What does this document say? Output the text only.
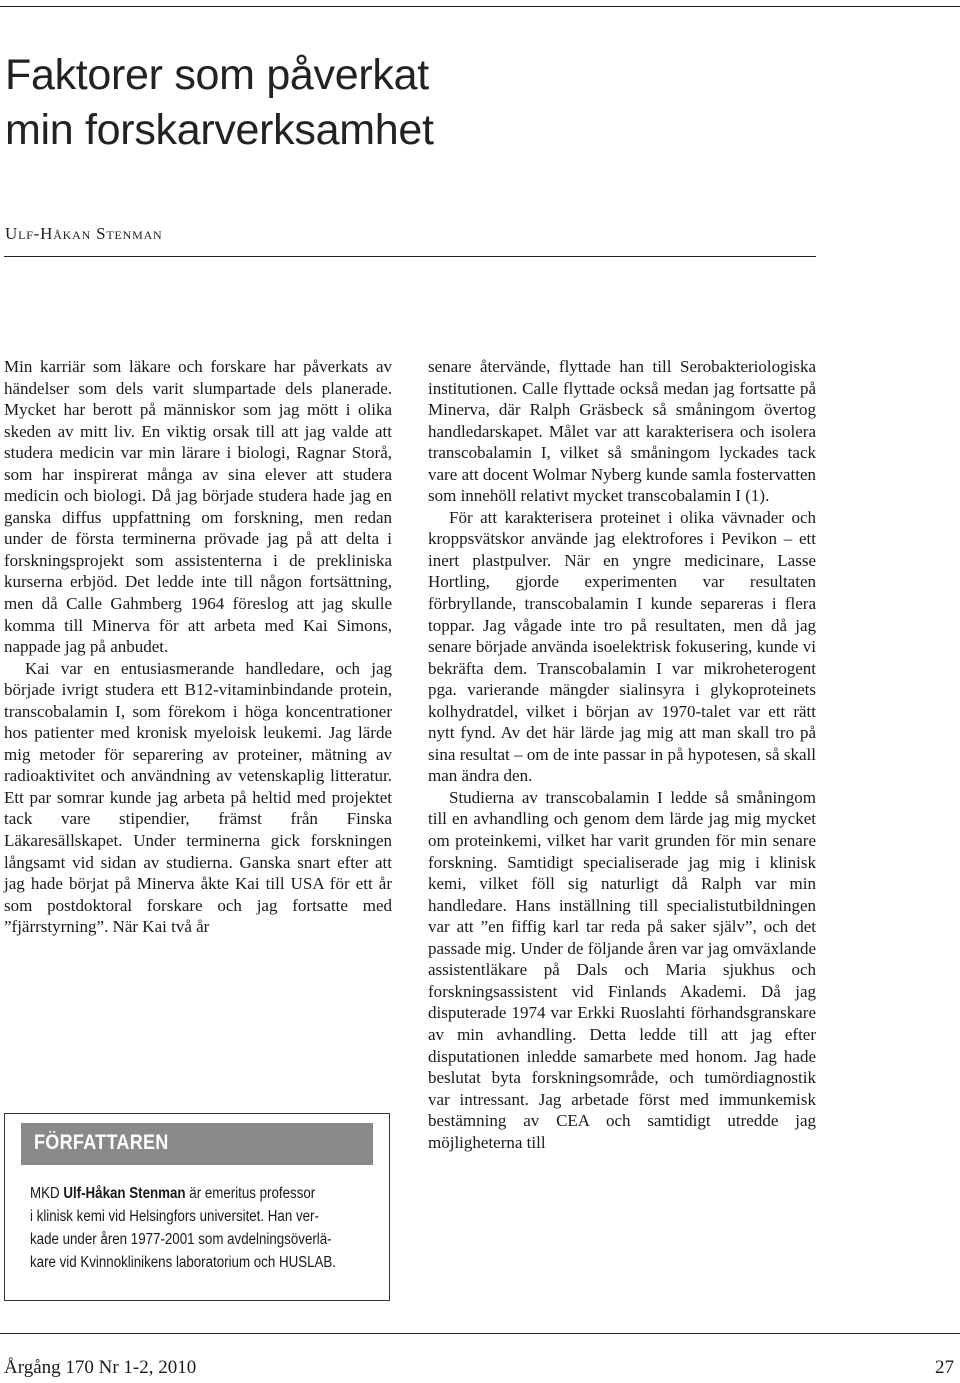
Faktorer som påverkat
min forskarverksamhet
Ulf-Håkan Stenman

Min karriär som läkare och forskare har påverkats av händelser som dels varit slumpartade dels planerade. Mycket har berott på människor som jag mött i olika skeden av mitt liv. En viktig orsak till att jag valde att studera medicin var min lärare i biologi, Ragnar Storå, som har inspirerat många av sina elever att studera medicin och biologi. Då jag började studera hade jag en ganska diffus uppfattning om forskning, men redan under de första terminerna prövade jag på att delta i forskningsprojekt som assistenterna i de prekliniska kurserna erbjöd. Det ledde inte till någon fortsättning, men då Calle Gahmberg 1964 föreslog att jag skulle komma till Minerva för att arbeta med Kai Simons, nappade jag på anbudet.

Kai var en entusiasmerande handledare, och jag började ivrigt studera ett B12-vitaminbindande protein, transcobalamin I, som förekom i höga koncentrationer hos patienter med kronisk myeloisk leukemi. Jag lärde mig metoder för separering av proteiner, mätning av radioaktivitet och användning av vetenskaplig litteratur. Ett par somrar kunde jag arbeta på heltid med projektet tack vare stipendier, främst från Finska Läkaresällskapet. Under terminerna gick forskningen långsamt vid sidan av studierna. Ganska snart efter att jag hade börjat på Minerva åkte Kai till USA för ett år som postdoktoral forskare och jag fortsatte med ”fjärrstyrning”. När Kai två år

senare återvände, flyttade han till Serobakteriologiska institutionen. Calle flyttade också medan jag fortsatte på Minerva, där Ralph Gräsbeck så småningom övertog handledarskapet. Målet var att karakterisera och isolera transcobalamin I, vilket så småningom lyckades tack vare att docent Wolmar Nyberg kunde samla fostervatten som innehöll relativt mycket transcobalamin I (1).

För att karakterisera proteinet i olika vävnader och kroppsvätskor använde jag elektrofores i Pevikon – ett inert plastpulver. När en yngre medicinare, Lasse Hortling, gjorde experimenten var resultaten förbryllande, transcobalamin I kunde separeras i flera toppar. Jag vågade inte tro på resultaten, men då jag senare började använda isoelektrisk fokusering, kunde vi bekräfta dem. Transcobalamin I var mikroheterogent pga. varierande mängder sialinsyra i glykoproteinets kolhydratdel, vilket i början av 1970-talet var ett rätt nytt fynd. Av det här lärde jag mig att man skall tro på sina resultat – om de inte passar in på hypotesen, så skall man ändra den.

Studierna av transcobalamin I ledde så småningom till en avhandling och genom dem lärde jag mig mycket om proteinkemi, vilket har varit grunden för min senare forskning. Samtidigt specialiserade jag mig i klinisk kemi, vilket föll sig naturligt då Ralph var min handledare. Hans inställning till specialistutbildningen var att ”en fiffig karl tar reda på saker själv”, och det passade mig. Under de följande åren var jag omväxlande assistentläkare på Dals och Maria sjukhus och forskningsassistent vid Finlands Akademi. Då jag disputerade 1974 var Erkki Ruoslahti förhandsgranskare av min avhandling. Detta ledde till att jag efter disputationen inledde samarbete med honom. Jag hade beslutat byta forskningsområde, och tumördiagnostik var intressant. Jag arbetade först med immunkemisk bestämning av CEA och samtidigt utredde jag möjligheterna till

FÖRFATTAREN
MKD Ulf-Håkan Stenman är emeritus professor
i klinisk kemi vid Helsingfors universitet. Han ver-
kade under åren 1977-2001 som avdelningsöverlä-
kare vid Kvinnoklinikens laboratorium och HUSLAB.
Årgång 170 Nr 1-2, 2010	27
